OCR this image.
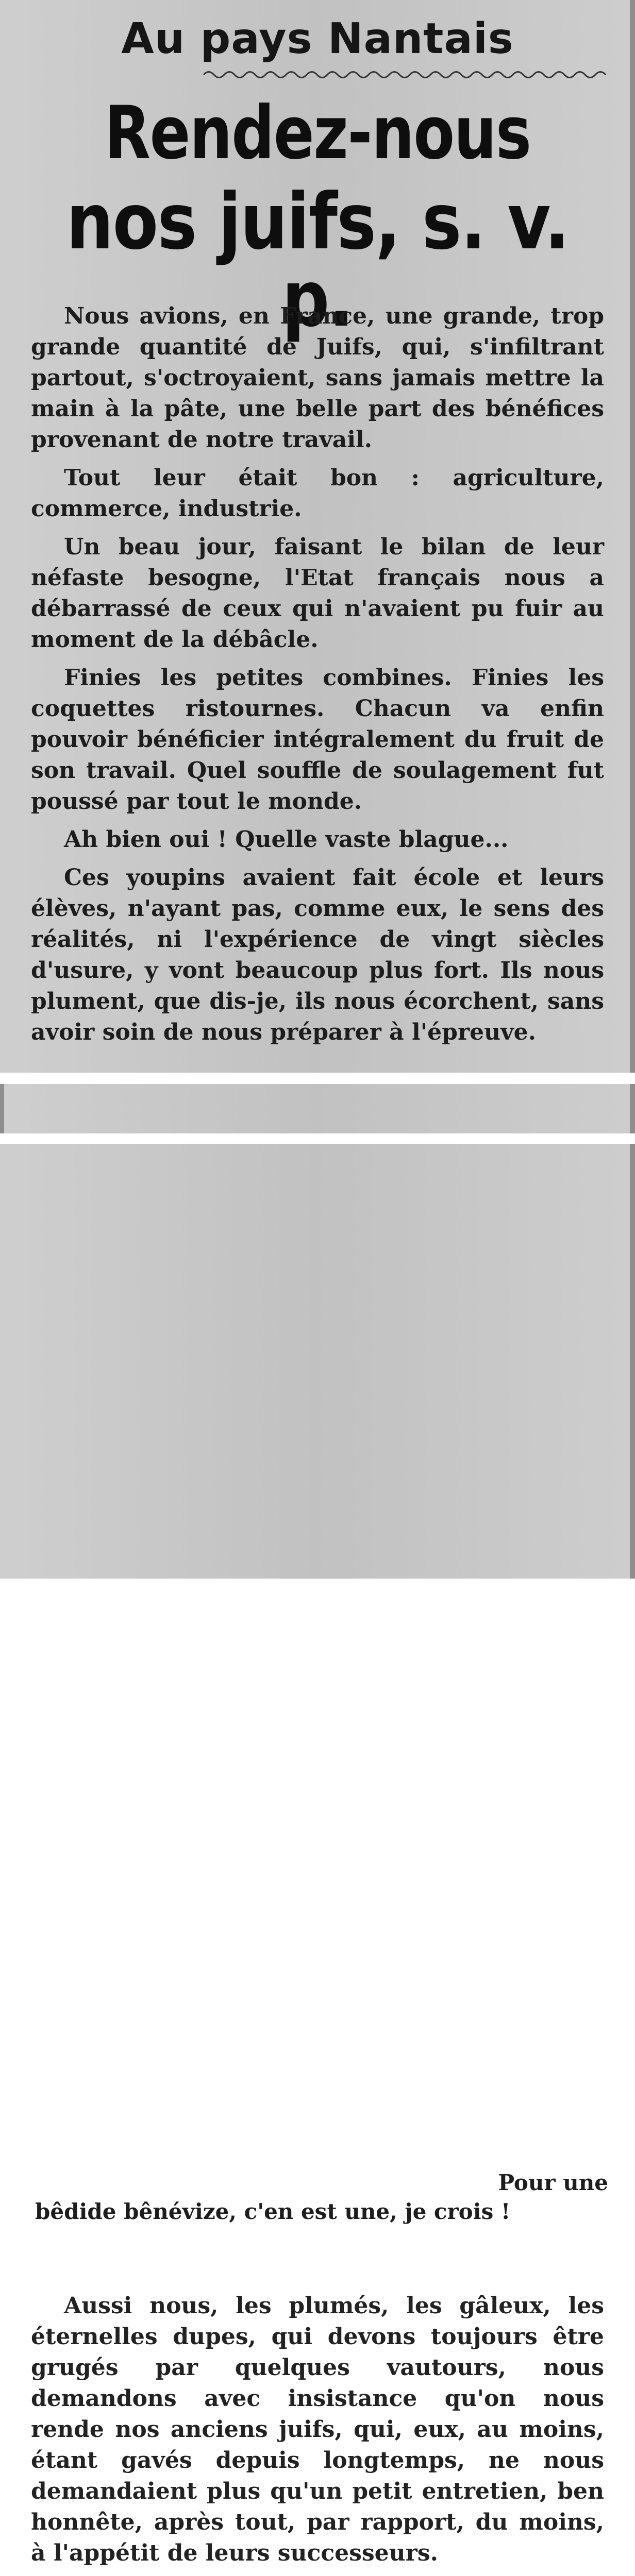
Au pays Nantais
Rendez-nous
nos juifs, s. v. p.

Nous avions, en France, une grande, trop grande quantité de Juifs, qui, s'infiltrant partout, s'octroyaient, sans jamais mettre la main à la pâte, une belle part des bénéfices provenant de notre travail.

Tout leur était bon : agriculture, commerce, industrie.

Un beau jour, faisant le bilan de leur néfaste besogne, l'Etat français nous a débarrassé de ceux qui n'avaient pu fuir au moment de la débâcle.

Finies les petites combines. Finies les coquettes ristournes. Chacun va enfin pouvoir bénéficier intégralement du fruit de son travail. Quel souffle de soulagement fut poussé par tout le monde.

Ah bien oui ! Quelle vaste blague...

Ces youpins avaient fait école et leurs élèves, n'ayant pas, comme eux, le sens des réalités, ni l'expérience de vingt siècles d'usure, y vont beaucoup plus fort. Ils nous plument, que dis-je, ils nous écorchent, sans avoir soin de nous préparer à l'épreuve.

Pour une

bêdide bênévize, c'en est une, je crois !

Aussi nous, les plumés, les gâleux, les éternelles dupes, qui devons toujours être grugés par quelques vautours, nous demandons avec insistance qu'on nous rende nos anciens juifs, qui, eux, au moins, étant gavés depuis longtemps, ne nous demandaient plus qu'un petit entretien, ben honnête, après tout, par rapport, du moins, à l'appétit de leurs successeurs.
